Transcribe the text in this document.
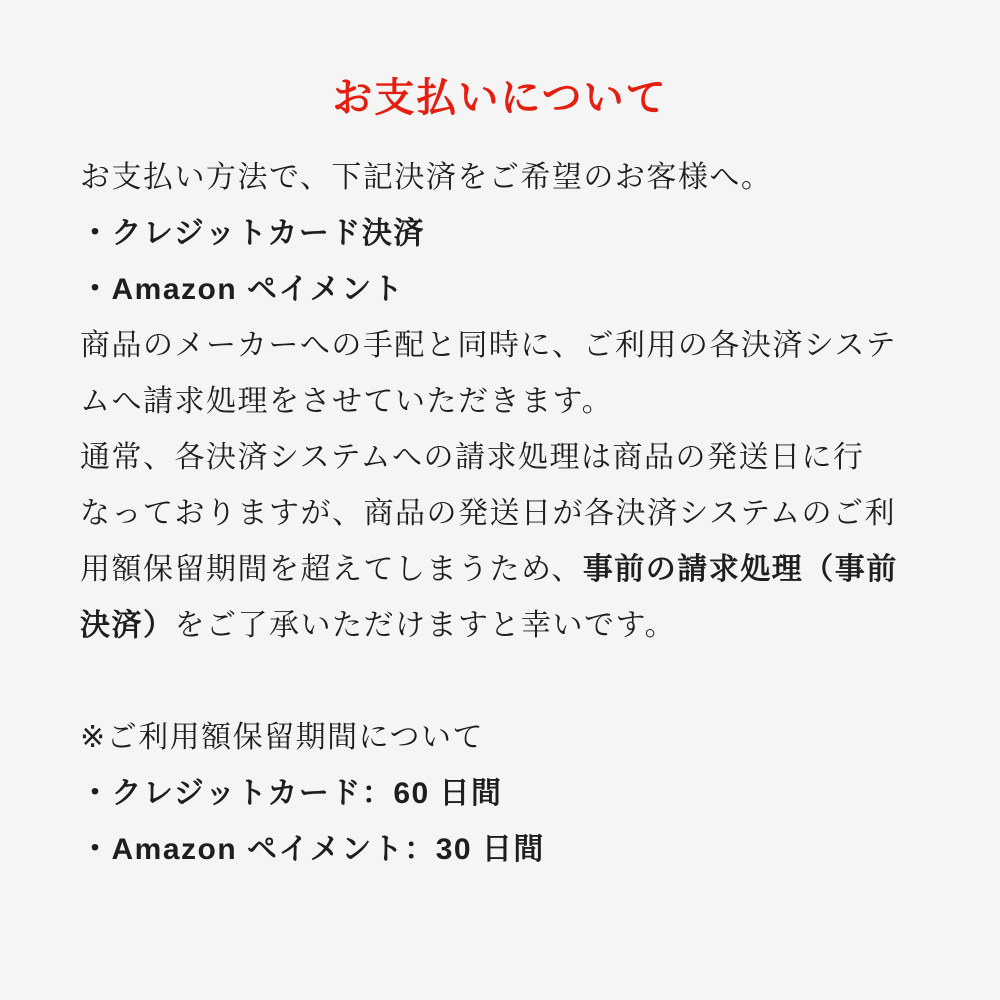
お支払いについて

お支払い方法で、下記決済をご希望のお客様へ。

・クレジットカード決済

・Amazon ペイメント

商品のメーカーへの手配と同時に、ご利用の各決済システ

ムへ請求処理をさせていただきます。

通常、各決済システムへの請求処理は商品の発送日に行

なっておりますが、商品の発送日が各決済システムのご利

用額保留期間を超えてしまうため、事前の請求処理（事前

決済）をご了承いただけますと幸いです。

※ご利用額保留期間について

・クレジットカード：60 日間

・Amazon ペイメント：30 日間
